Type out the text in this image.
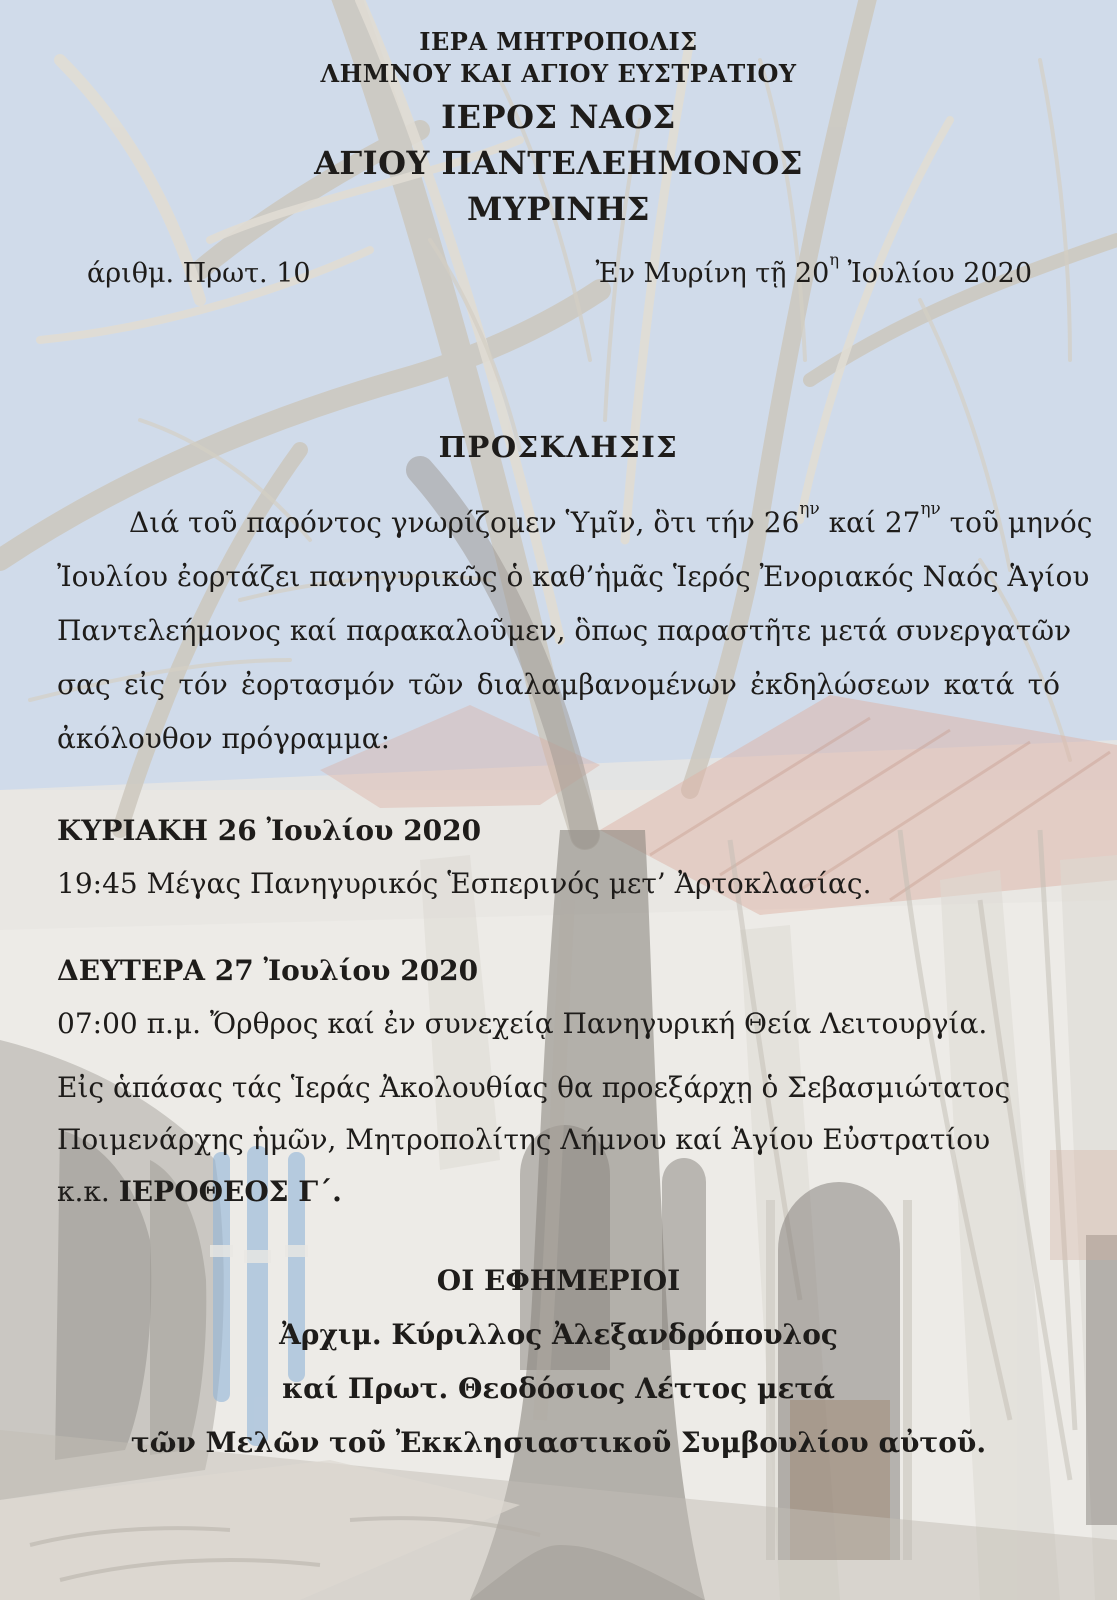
ΙΕΡΑ ΜΗΤΡΟΠΟΛΙΣ
ΛΗΜΝΟΥ ΚΑΙ ΑΓΙΟΥ ΕΥΣΤΡΑΤΙΟΥ
ΙΕΡΟΣ ΝΑΟΣ
ΑΓΙΟΥ ΠΑΝΤΕΛΕΗΜΟΝΟΣ
ΜΥΡΙΝΗΣ
άριθμ. Πρωτ. 10	Ἐν Μυρίνη τῇ $20^\eta$ Ἰουλίου 2020
ΠΡΟΣΚΛΗΣΙΣ
Διά τοῦ παρόντος γνωρίζομεν Ὑμῖν, ὃτι τήν $26^{\eta\nu}$ καί $27^{\eta\nu}$ τοῦ μηνός
Ἰουλίου ἐορτάζει πανηγυρικῶς ὁ καθ’ἡμᾶς Ἱερός Ἐνοριακός Ναός Ἁγίου
Παντελεήμονος καί παρακαλοῦμεν, ὃπως παραστῆτε μετά συνεργατῶν
σας εἰς τόν ἐορτασμόν τῶν διαλαμβανομένων ἐκδηλώσεων κατά τό
ἀκόλουθον πρόγραμμα:
ΚΥΡΙΑΚΗ 26 Ἰουλίου 2020
19:45 Μέγας Πανηγυρικός Ἑσπερινός μετ’ Ἀρτοκλασίας.
ΔΕΥΤΕΡΑ 27 Ἰουλίου 2020
07:00 π.μ. Ὄρθρος καί ἐν συνεχείᾳ Πανηγυρική Θεία Λειτουργία.
Εἰς ἁπάσας τάς Ἱεράς Ἀκολουθίας θα προεξάρχῃ ὁ Σεβασμιώτατος
Ποιμενάρχης ἡμῶν, Μητροπολίτης Λήμνου καί Ἁγίου Εὐστρατίου
κ.κ. ΙΕΡΟΘΕΟΣ Γ΄.
ΟΙ ΕΦΗΜΕΡΙΟΙ
Ἀρχιμ. Κύριλλος Ἀλεξανδρόπουλος
καί Πρωτ. Θεοδόσιος Λέττος μετά
τῶν Μελῶν τοῦ Ἐκκλησιαστικοῦ Συμβουλίου αὐτοῦ.
